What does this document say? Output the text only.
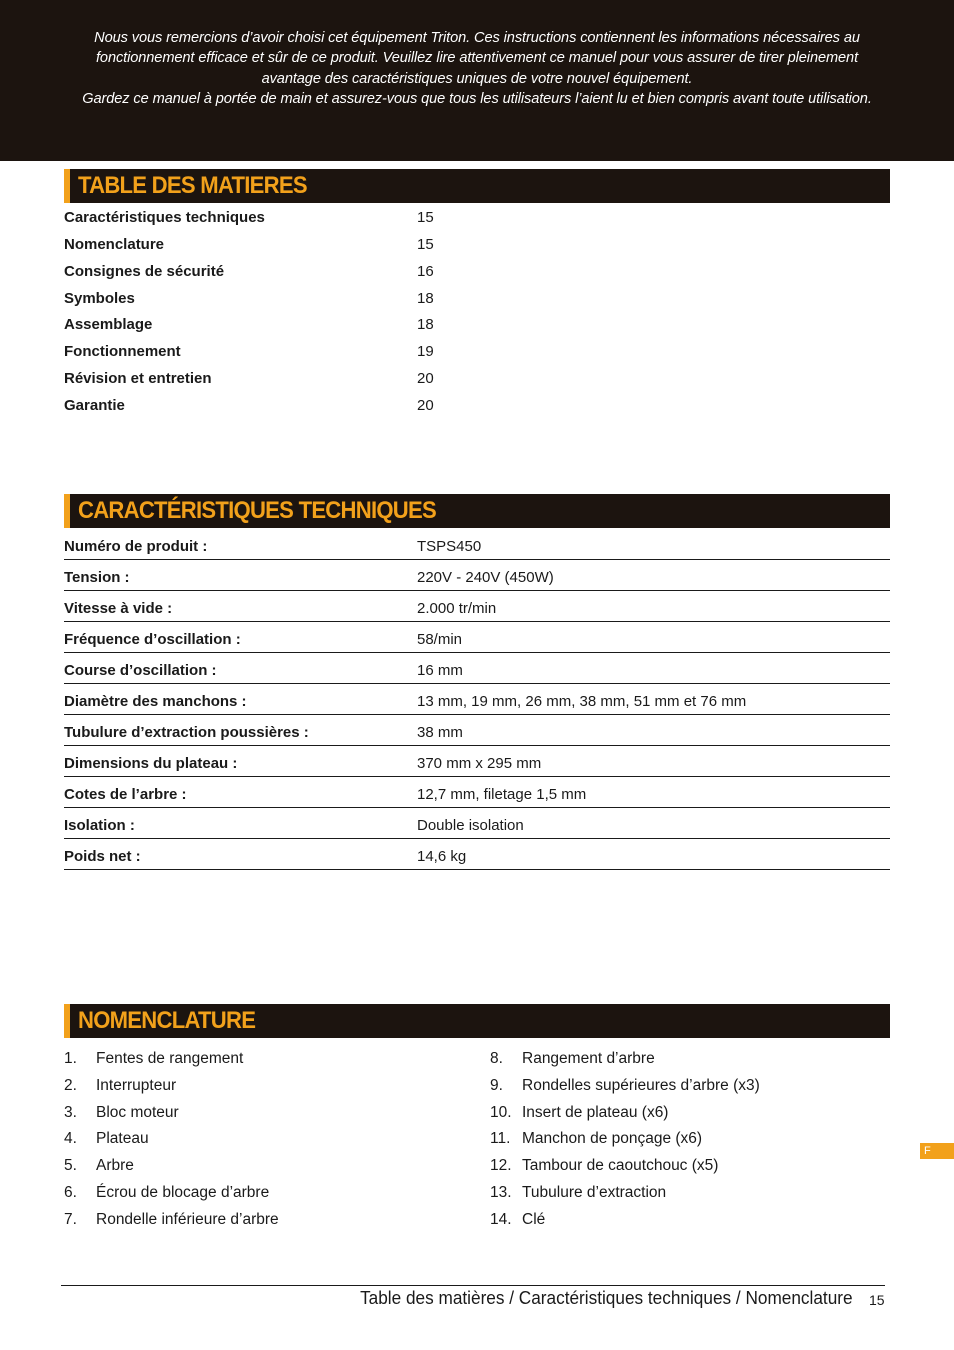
Nous vous remercions d’avoir choisi cet équipement Triton. Ces instructions contiennent les informations nécessaires au
fonctionnement efficace et sûr de ce produit. Veuillez lire attentivement ce manuel pour vous assurer de tirer pleinement
avantage des caractéristiques uniques de votre nouvel équipement.
Gardez ce manuel à portée de main et assurez-vous que tous les utilisateurs l’aient lu et bien compris avant toute utilisation.
TABLE DES MATIERES
Caractéristiques techniques	15
Nomenclature	15
Consignes de sécurité	16
Symboles	18
Assemblage	18
Fonctionnement	19
Révision et entretien	20
Garantie	20
CARACTÉRISTIQUES TECHNIQUES
Numéro de produit :	TSPS450
Tension :	220V - 240V (450W)
Vitesse à vide :	2.000 tr/min
Fréquence d’oscillation :	58/min
Course d’oscillation :	16 mm
Diamètre des manchons :	13 mm, 19 mm, 26 mm, 38 mm, 51 mm et 76 mm
Tubulure d’extraction poussières :	38 mm
Dimensions du plateau :	370 mm x 295 mm
Cotes de l’arbre :	12,7 mm, filetage 1,5 mm
Isolation :	Double isolation
Poids net :	14,6 kg
NOMENCLATURE
1. Fentes de rangement
2. Interrupteur
3. Bloc moteur
4. Plateau
5. Arbre
6. Écrou de blocage d’arbre
7. Rondelle inférieure d’arbre
8. Rangement d’arbre
9. Rondelles supérieures d’arbre (x3)
10. Insert de plateau (x6)
11. Manchon de ponçage (x6)
12. Tambour de caoutchouc (x5)
13. Tubulure d’extraction
14. Clé
F
Table des matières / Caractéristiques techniques / Nomenclature 15
